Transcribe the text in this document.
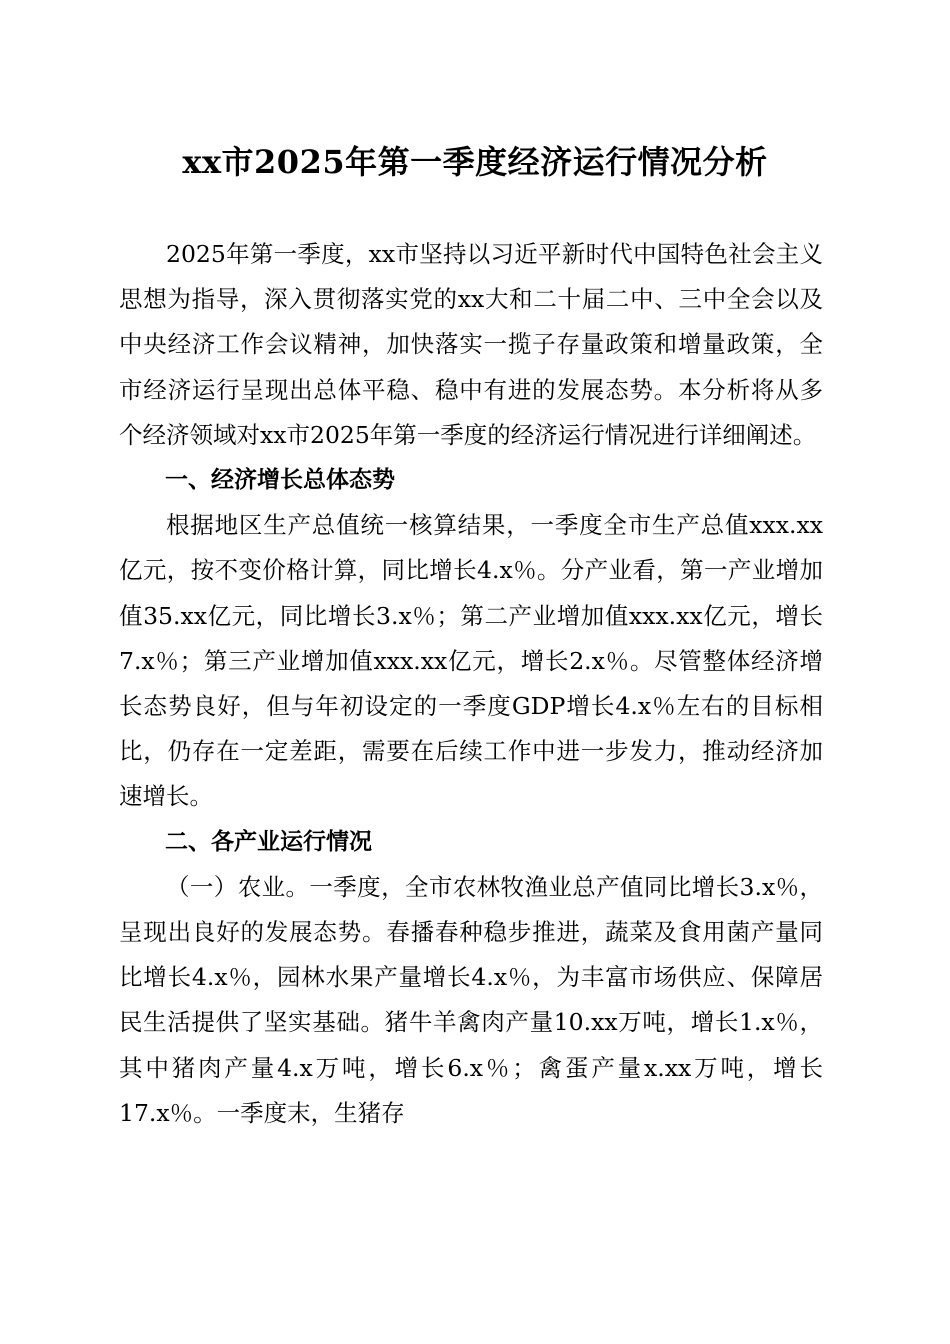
xx市2025年第一季度经济运行情况分析

2025年第一季度，xx市坚持以习近平新时代中国特色社会主义思想为指导，深入贯彻落实党的xx大和二十届二中、三中全会以及中央经济工作会议精神，加快落实一揽子存量政策和增量政策，全市经济运行呈现出总体平稳、稳中有进的发展态势。本分析将从多个经济领域对xx市2025年第一季度的经济运行情况进行详细阐述。

一、经济增长总体态势

根据地区生产总值统一核算结果，一季度全市生产总值xxx.xx亿元，按不变价格计算，同比增长4.x％。分产业看，第一产业增加值35.xx亿元，同比增长3.x％；第二产业增加值xxx.xx亿元，增长7.x％；第三产业增加值xxx.xx亿元，增长2.x％。尽管整体经济增长态势良好，但与年初设定的一季度GDP增长4.x％左右的目标相比，仍存在一定差距，需要在后续工作中进一步发力，推动经济加速增长。

二、各产业运行情况

（一）农业。一季度，全市农林牧渔业总产值同比增长3.x％，呈现出良好的发展态势。春播春种稳步推进，蔬菜及食用菌产量同比增长4.x％，园林水果产量增长4.x％，为丰富市场供应、保障居民生活提供了坚实基础。猪牛羊禽肉产量10.xx万吨，增长1.x％，其中猪肉产量4.x万吨，增长6.x％；禽蛋产量x.xx万吨，增长17.x％。一季度末，生猪存
